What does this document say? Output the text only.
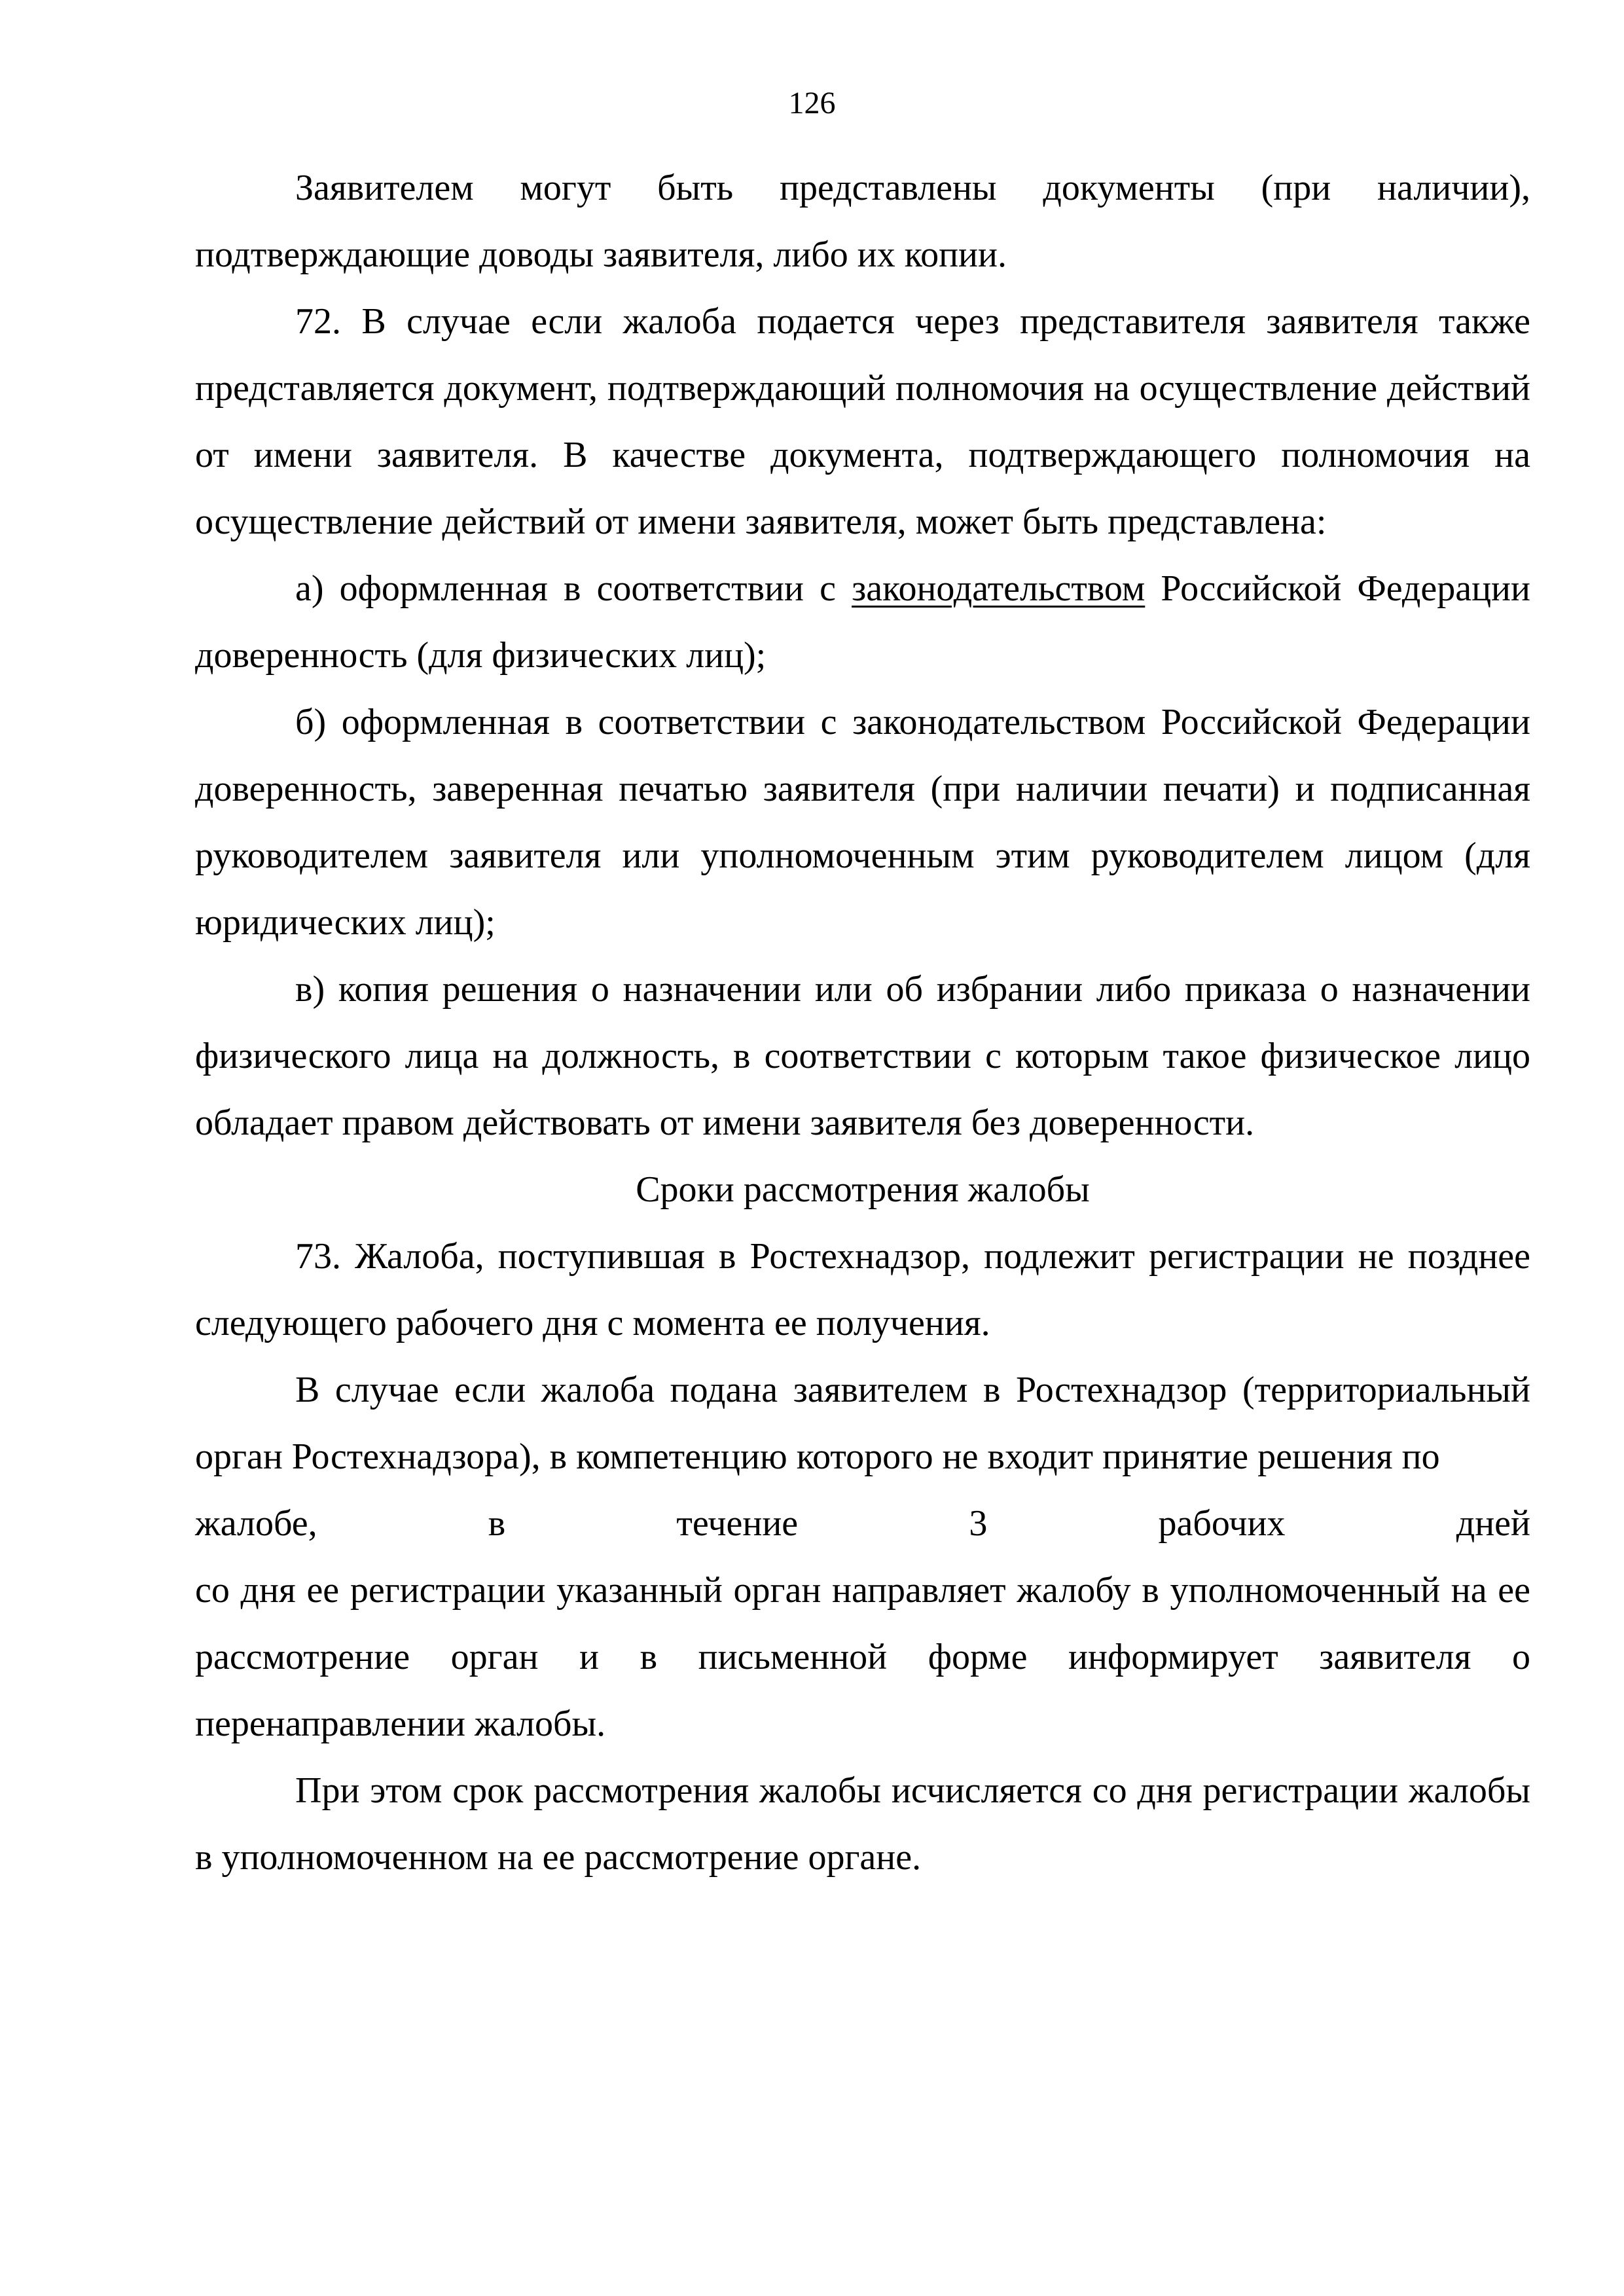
126

Заявителем могут быть представлены документы (при наличии), подтверждающие доводы заявителя, либо их копии.

72. В случае если жалоба подается через представителя заявителя также представляется документ, подтверждающий полномочия на осуществление действий от имени заявителя. В качестве документа, подтверждающего полномочия на осуществление действий от имени заявителя, может быть представлена:

а) оформленная в соответствии с законодательством Российской Федерации доверенность (для физических лиц);

б) оформленная в соответствии с законодательством Российской Федерации доверенность, заверенная печатью заявителя (при наличии печати) и подписанная руководителем заявителя или уполномоченным этим руководителем лицом (для юридических лиц);

в) копия решения о назначении или об избрании либо приказа о назначении физического лица на должность, в соответствии с которым такое физическое лицо обладает правом действовать от имени заявителя без доверенности.

Сроки рассмотрения жалобы

73. Жалоба, поступившая в Ростехнадзор, подлежит регистрации не позднее следующего рабочего дня с момента ее получения.

В случае если жалоба подана заявителем в Ростехнадзор (территориальный орган Ростехнадзора), в компетенцию которого не входит принятие решения по
жалобе, в течение 3 рабочих дней
со дня ее регистрации указанный орган направляет жалобу в уполномоченный на ее рассмотрение орган и в письменной форме информирует заявителя о перенаправлении жалобы.

При этом срок рассмотрения жалобы исчисляется со дня регистрации жалобы в уполномоченном на ее рассмотрение органе.
